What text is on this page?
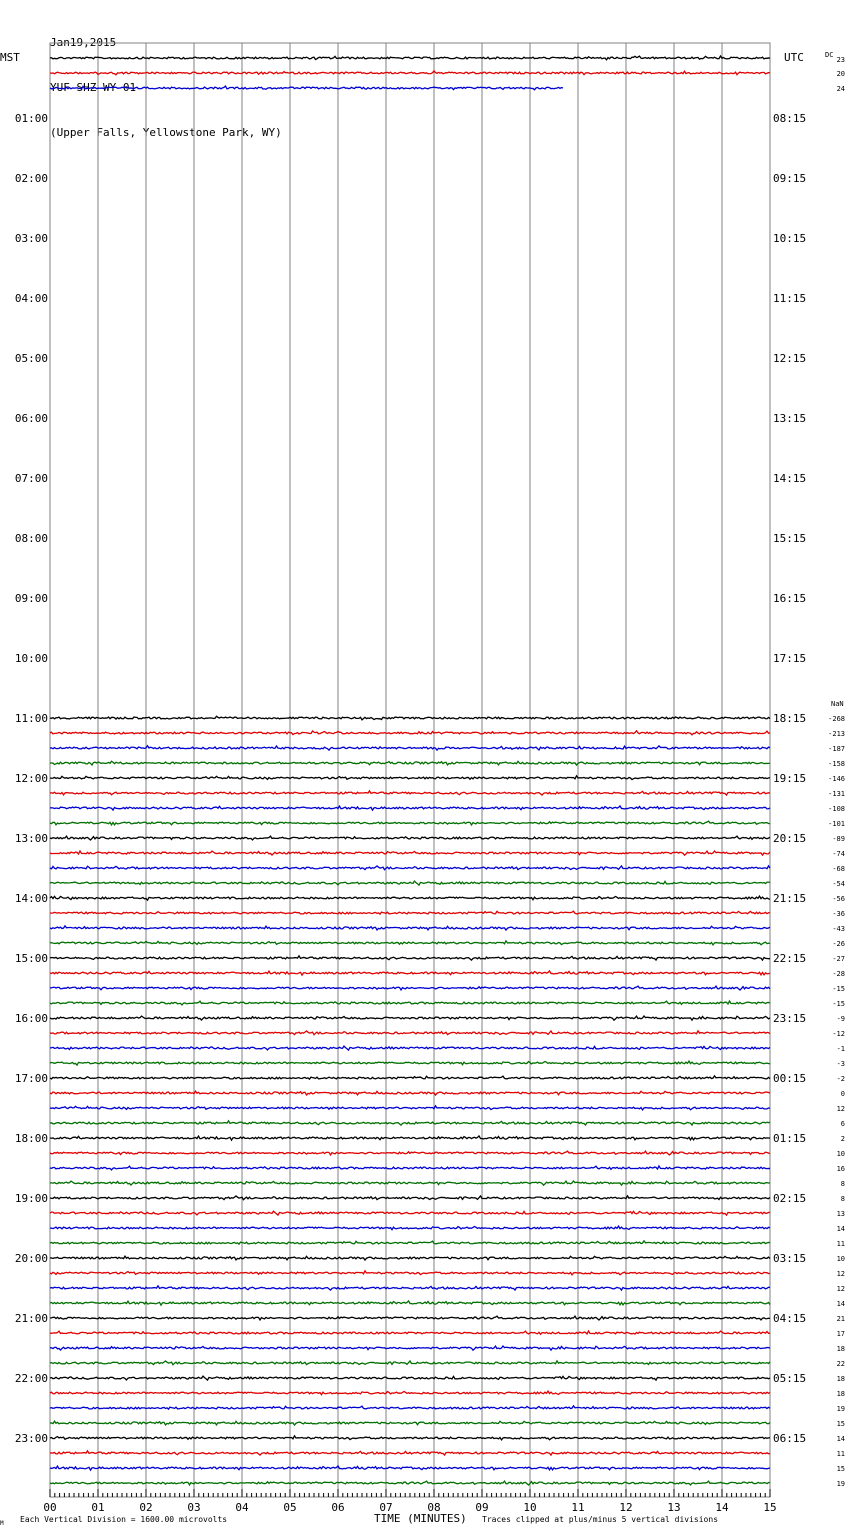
Jan19,2015

YUF SHZ WY 01

(Upper Falls, Yellowstone Park, WY)

23
20
24
-268
-213
-187
-158
-146
-131
-108
-101
-89
-74
-68
-54
-56
-36
-43
-26
-27
-28
-15
-15
-9
-12
-1
-3
-2
0
12
6
2
10
16
8
8
13
14
11
10
12
12
14
21
17
18
22
18
18
19
15
14
11
15
19
01:00	08:15
02:00	09:15
03:00	10:15
04:00	11:15
05:00	12:15
06:00	13:15
07:00	14:15
08:00	15:15
09:00	16:15
10:00	17:15
11:00	18:15
12:00	19:15
13:00	20:15
14:00	21:15
15:00	22:15
16:00	23:15
17:00	00:15
18:00	01:15
19:00	02:15
20:00	03:15
21:00	04:15
22:00	05:15
23:00	06:15
00	01	02	03	04	05	06	07	08	09	10	11	12	13	14	15
MST	UTC	DC
NaN
M Each Vertical Division = 1600.00 microvolts	TIME (MINUTES) Traces clipped at plus/minus 5 vertical divisions
